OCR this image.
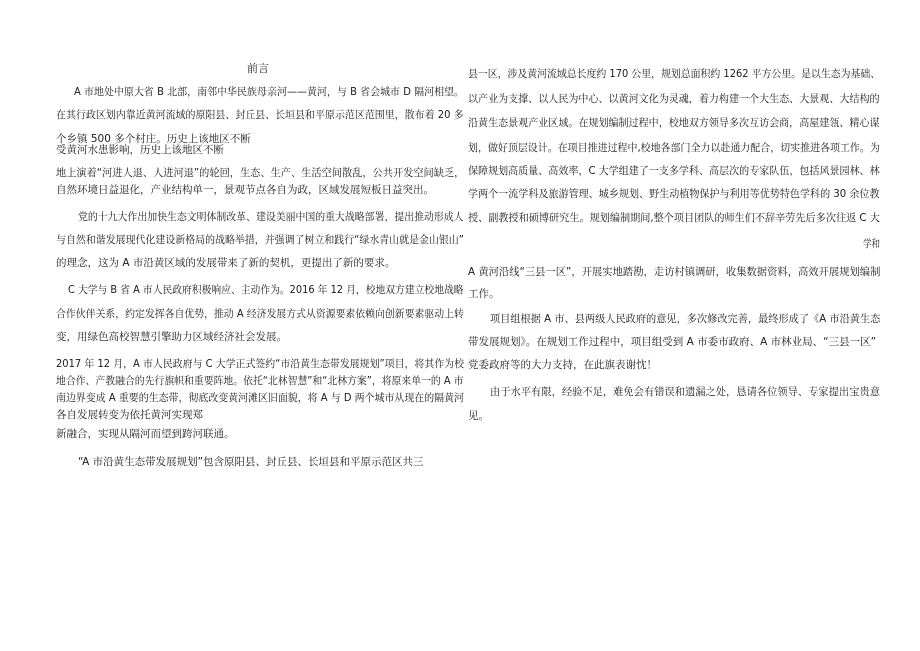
前言
A 市地处中原大省 B 北部，南邻中华民族母亲河——黄河，与 B 省会城市 D 隔河相望。
在其行政区划内靠近黄河流域的原阳县、封丘县、长垣县和平原示范区范围里，散布着 20 多
个乡镇 500 多个村庄。历史上该地区不断
受黄河水患影响，历史上该地区不断
地上演着“河进人退、人进河退”的轮回，生态、生产、生活空间散乱，公共开发空间缺乏，
自然环境日益退化，产业结构单一，景观节点各自为政，区域发展短板日益突出。
党的十九大作出加快生态文明体制改革、建设美丽中国的重大战略部署，提出推动形成人
与自然和谐发展现代化建设新格局的战略举措，并强调了树立和践行“绿水青山就是金山银山”
的理念，这为 A 市沿黄区域的发展带来了新的契机，更提出了新的要求。
C 大学与 B 省 A 市人民政府积极响应、主动作为。2016 年 12 月，校地双方建立校地战略
合作伙伴关系，约定发挥各自优势，推动 A 经济发展方式从资源要素依赖向创新要素驱动上转
变，用绿色高校智慧引擎助力区域经济社会发展。
2017 年 12 月，A 市人民政府与 C 大学正式签约“市沿黄生态带发展规划”项目，将其作为校
地合作、产教融合的先行旗帜和重要阵地。依托“北林智慧”和“北林方案”，将原来单一的 A 市
南边界变成 A 重要的生态带，彻底改变黄河滩区旧面貌，将 A 与 D 两个城市从现在的隔黄河
各自发展转变为依托黄河实现郑
新融合，实现从隔河而望到跨河联通。
“A 市沿黄生态带发展规划”包含原阳县、封丘县、长垣县和平原示范区共三
县一区，涉及黄河流域总长度约 170 公里，规划总面积约 1262 平方公里。是以生态为基础、
以产业为支撑、以人民为中心、以黄河文化为灵魂，着力构建一个大生态、大景观、大结构的
沿黄生态景观产业区域。在规划编制过程中，校地双方领导多次互访会商，高屋建瓴、精心谋
划，做好顶层设计。在项目推进过程中,校地各部门全力以赴通力配合，切实推进各项工作。为
保障规划高质量、高效率，C 大学组建了一支多学科、高层次的专家队伍，包括风景园林、林
学两个一流学科及旅游管理、城乡规划、野生动植物保护与利用等优势特色学科的 30 余位教
授、副教授和硕博研究生。规划编制期间,整个项目团队的师生们不辞辛劳先后多次往返 C 大
学和
A 黄河沿线“三县一区”，开展实地踏勘，走访村镇调研，收集数据资料，高效开展规划编制
工作。
项目组根据 A 市、县两级人民政府的意见，多次修改完善，最终形成了《A 市沿黄生态
带发展规划》。在规划工作过程中，项目组受到 A 市委市政府、A 市林业局、“三县一区”
党委政府等的大力支持，在此旗表谢忱！
由于水平有限，经验不足，难免会有错误和遗漏之处，恳请各位领导、专家提出宝贵意
见。
